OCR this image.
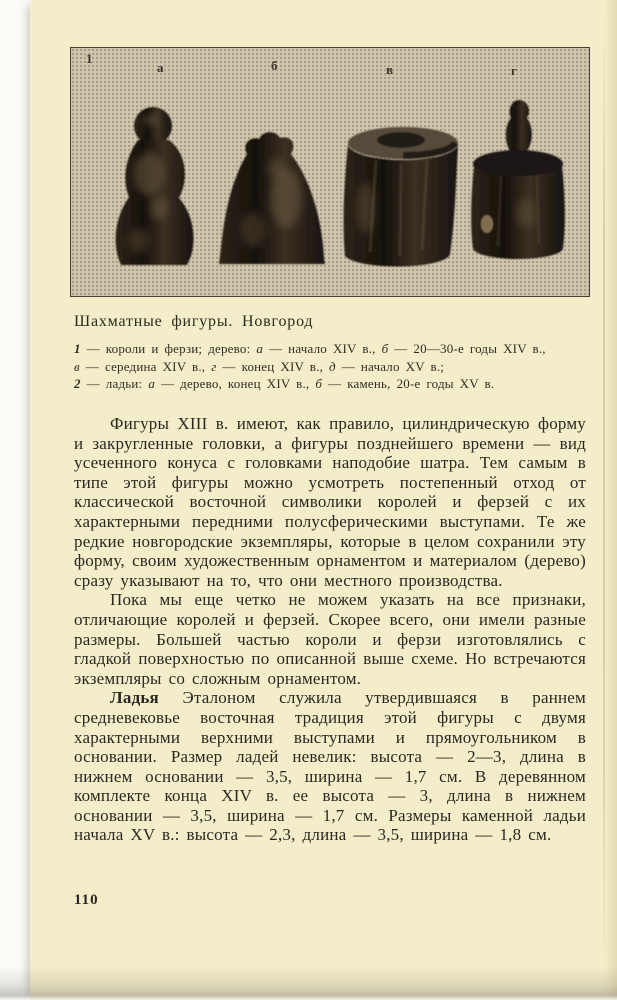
1
а	б	в	г
Шахматные фигуры. Новгород
1 — короли и ферзи; дерево: а — начало XIV в., б — 20—30-е годы XIV в.,
в — середина XIV в., г — конец XIV в., д — начало XV в.;
2 — ладьи: а — дерево, конец XIV в., б — камень, 20-е годы XV в.

Фигуры XIII в. имеют, как правило, цилиндрическую форму и закругленные головки, а фигуры позднейшего времени — вид усеченного конуса с головками наподобие шатра. Тем самым в типе этой фигуры можно усмотреть постепенный отход от классической восточной символики королей и ферзей с их характерными передними полусферическими выступами. Те же редкие новгородские экземпляры, которые в целом сохранили эту форму, своим художественным орнаментом и материалом (дерево) сразу указывают на то, что они местного производства.

Пока мы еще четко не можем указать на все признаки, отличающие королей и ферзей. Скорее всего, они имели разные размеры. Большей частью короли и ферзи изготовлялись с гладкой поверхностью по описанной выше схеме. Но встречаются экземпляры со сложным орнаментом.

Ладья Эталоном служила утвердившаяся в раннем средневековье восточная традиция этой фигуры с двумя характерными верхними выступами и прямоугольником в основании. Размер ладей невелик: высота — 2—3, длина в нижнем основании — 3,5, ширина — 1,7 см. В деревянном комплекте конца XIV в. ее высота — 3, длина в нижнем основании — 3,5, ширина — 1,7 см. Размеры каменной ладьи начала XV в.: высота — 2,3, длина — 3,5, ширина — 1,8 см.

110
